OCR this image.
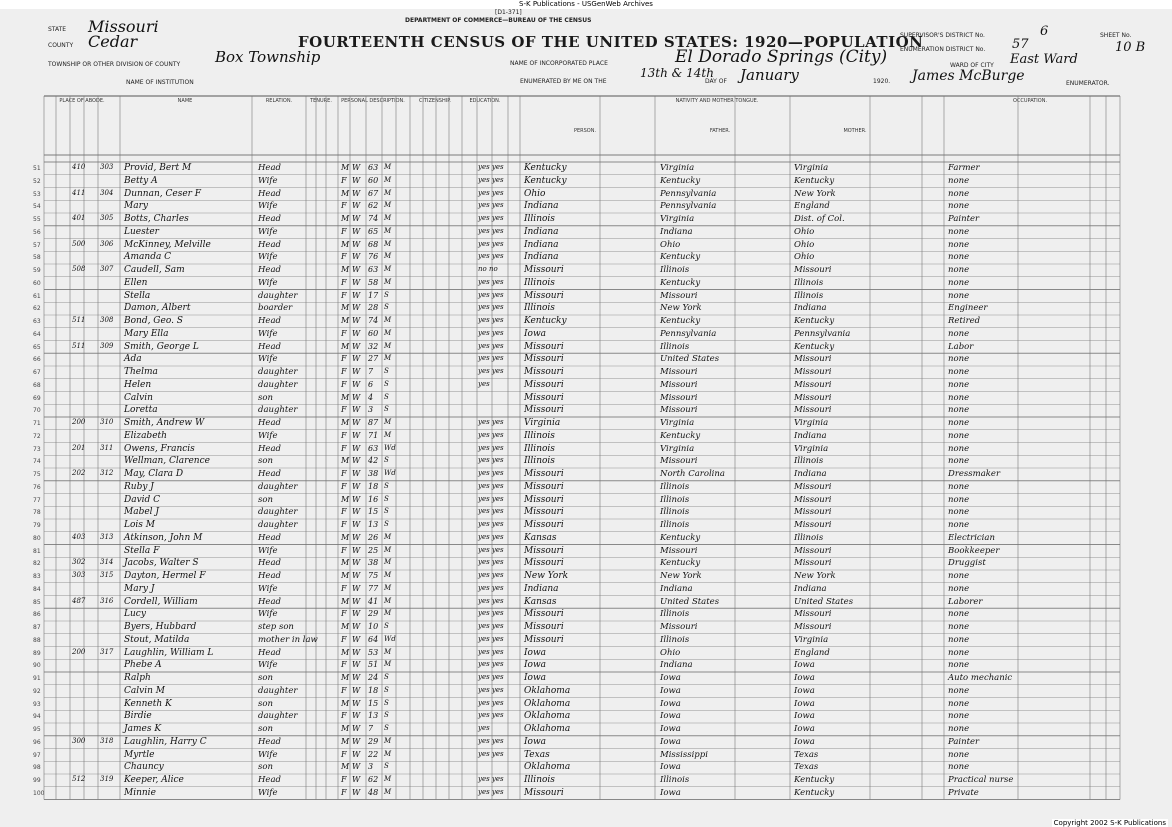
S-K Publications - USGenWeb Archives
STATE Missouri
COUNTY Cedar
TOWNSHIP OR OTHER DIVISION OF COUNTY Box Township
NAME OF INSTITUTION
DEPARTMENT OF COMMERCE—BUREAU OF THE CENSUS
FOURTEENTH CENSUS OF THE UNITED STATES: 1920—POPULATION
[D1-371]
NAME OF INCORPORATED PLACE	El Dorado Springs (City)	WARD OF CITY East Ward
ENUMERATED BY ME ON THE
13th & 14th
DAY OF January	1920. James McBurge	ENUMERATOR.
SUPERVISOR'S DISTRICT No.	6
ENUMERATION DISTRICT No. 57
SHEET No.
10 B
PLACE OF ABODE.	NAME	RELATION.	TENURE.	PERSONAL DESCRIPTION.	CITIZENSHIP.	EDUCATION.	NATIVITY AND MOTHER TONGUE.
PERSON.	FATHER.	MOTHER.
OCCUPATION.
51	410 303 Provid, Bert M	Head	M W 63 M	yes yes Kentucky	Virginia	Virginia	Farmer
52	Betty A	Wife	F W 60 M	yes yes Kentucky	Kentucky	Kentucky	none
53	411 304 Dunnan, Ceser F	Head	M W 67 M	yes yes Ohio	Pennsylvania	New York	none
54	Mary	Wife	F W 62 M	yes yes Indiana	Pennsylvania	England	none
55	401 305 Botts, Charles	Head	M W 74 M	yes yes Illinois	Virginia	Dist. of Col.	Painter
56	Luester	Wife	F W 65 M	yes yes Indiana	Indiana	Ohio	none
57	500 306 McKinney, Melville	Head	M W 68 M	yes yes Indiana	Ohio	Ohio	none
58	Amanda C	Wife	F W 76 M	yes yes Indiana	Kentucky	Ohio	none
59	508 307 Caudell, Sam	Head	M W 63 M	no no	Missouri	Illinois	Missouri	none
60	Ellen	Wife	F W 58 M	yes yes Illinois	Kentucky	Illinois	none
61	Stella	daughter	F W 17 S	yes yes Missouri	Missouri	Illinois	none
62	Damon, Albert	boarder	M W 28 S	yes yes Illinois	New York	Indiana	Engineer
63	511 308 Bond, Geo. S	Head	M W 74 M	yes yes Kentucky	Kentucky	Kentucky	Retired
64	Mary Ella	Wife	F W 60 M	yes yes Iowa	Pennsylvania	Pennsylvania	none
65	511 309 Smith, George L	Head	M W 32 M	yes yes Missouri	Illinois	Kentucky	Labor
66	Ada	Wife	F W 27 M	yes yes Missouri	United States	Missouri	none
67	Thelma	daughter	F W 7 S	yes yes Missouri	Missouri	Missouri	none
68	Helen	daughter	F W 6 S	yes	Missouri	Missouri	Missouri	none
69	Calvin	son	M W 4 S	Missouri	Missouri	Missouri	none
70	Loretta	daughter	F W 3 S	Missouri	Missouri	Missouri	none
71	200 310 Smith, Andrew W	Head	M W 87 M	yes yes Virginia	Virginia	Virginia	none
72	Elizabeth	Wife	F W 71 M	yes yes Illinois	Kentucky	Indiana	none
73	201 311 Owens, Francis	Head	F W 63 Wd	yes yes Illinois	Virginia	Virginia	none
74	Wellman, Clarence	son	M W 42 S	yes yes Illinois	Missouri	Illinois	none
75	202 312 May, Clara D	Head	F W 38 Wd	yes yes Missouri	North Carolina	Indiana	Dressmaker
76	Ruby J	daughter	F W 18 S	yes yes Missouri	Illinois	Missouri	none
77	David C	son	M W 16 S	yes yes Missouri	Illinois	Missouri	none
78	Mabel J	daughter	F W 15 S	yes yes Missouri	Illinois	Missouri	none
79	Lois M	daughter	F W 13 S	yes yes Missouri	Illinois	Missouri	none
80	403 313 Atkinson, John M	Head	M W 26 M	yes yes Kansas	Kentucky	Illinois	Electrician
81	Stella F	Wife	F W 25 M	yes yes Missouri	Missouri	Missouri	Bookkeeper
82	302 314 Jacobs, Walter S	Head	M W 38 M	yes yes Missouri	Kentucky	Missouri	Druggist
83	303 315 Dayton, Hermel F	Head	M W 75 M	yes yes New York	New York	New York	none
84	Mary J	Wife	F W 77 M	yes yes Indiana	Indiana	Indiana	none
85	487 316 Cordell, William	Head	M W 41 M	yes yes Kansas	United States	United States	Laborer
86	Lucy	Wife	F W 29 M	yes yes Missouri	Illinois	Missouri	none
87	Byers, Hubbard	step son	M W 10 S	yes yes Missouri	Missouri	Missouri	none
88	Stout, Matilda	mother in law	F W 64 Wd	yes yes Missouri	Illinois	Virginia	none
89	200 317 Laughlin, William L	Head	M W 53 M	yes yes Iowa	Ohio	England	none
90	Phebe A	Wife	F W 51 M	yes yes Iowa	Indiana	Iowa	none
91	Ralph	son	M W 24 S	yes yes Iowa	Iowa	Iowa	Auto mechanic
92	Calvin M	daughter	F W 18 S	yes yes Oklahoma	Iowa	Iowa	none
93	Kenneth K	son	M W 15 S	yes yes Oklahoma	Iowa	Iowa	none
94	Birdie	daughter	F W 13 S	yes yes Oklahoma	Iowa	Iowa	none
95	James K	son	M W 7 S	yes	Oklahoma	Iowa	Iowa	none
96	300 318 Laughlin, Harry C	Head	M W 29 M	yes yes Iowa	Iowa	Iowa	Painter
97	Myrtle	Wife	F W 22 M	yes yes Texas	Mississippi	Texas	none
98	Chauncy	son	M W 3 S	Oklahoma	Iowa	Texas	none
99	512 319 Keeper, Alice	Head	F W 62 M	yes yes Illinois	Illinois	Kentucky	Practical nurse
100	Minnie	Wife	F W 48 M	yes yes Missouri	Iowa	Kentucky	Private
Copyright 2002 S-K Publications
